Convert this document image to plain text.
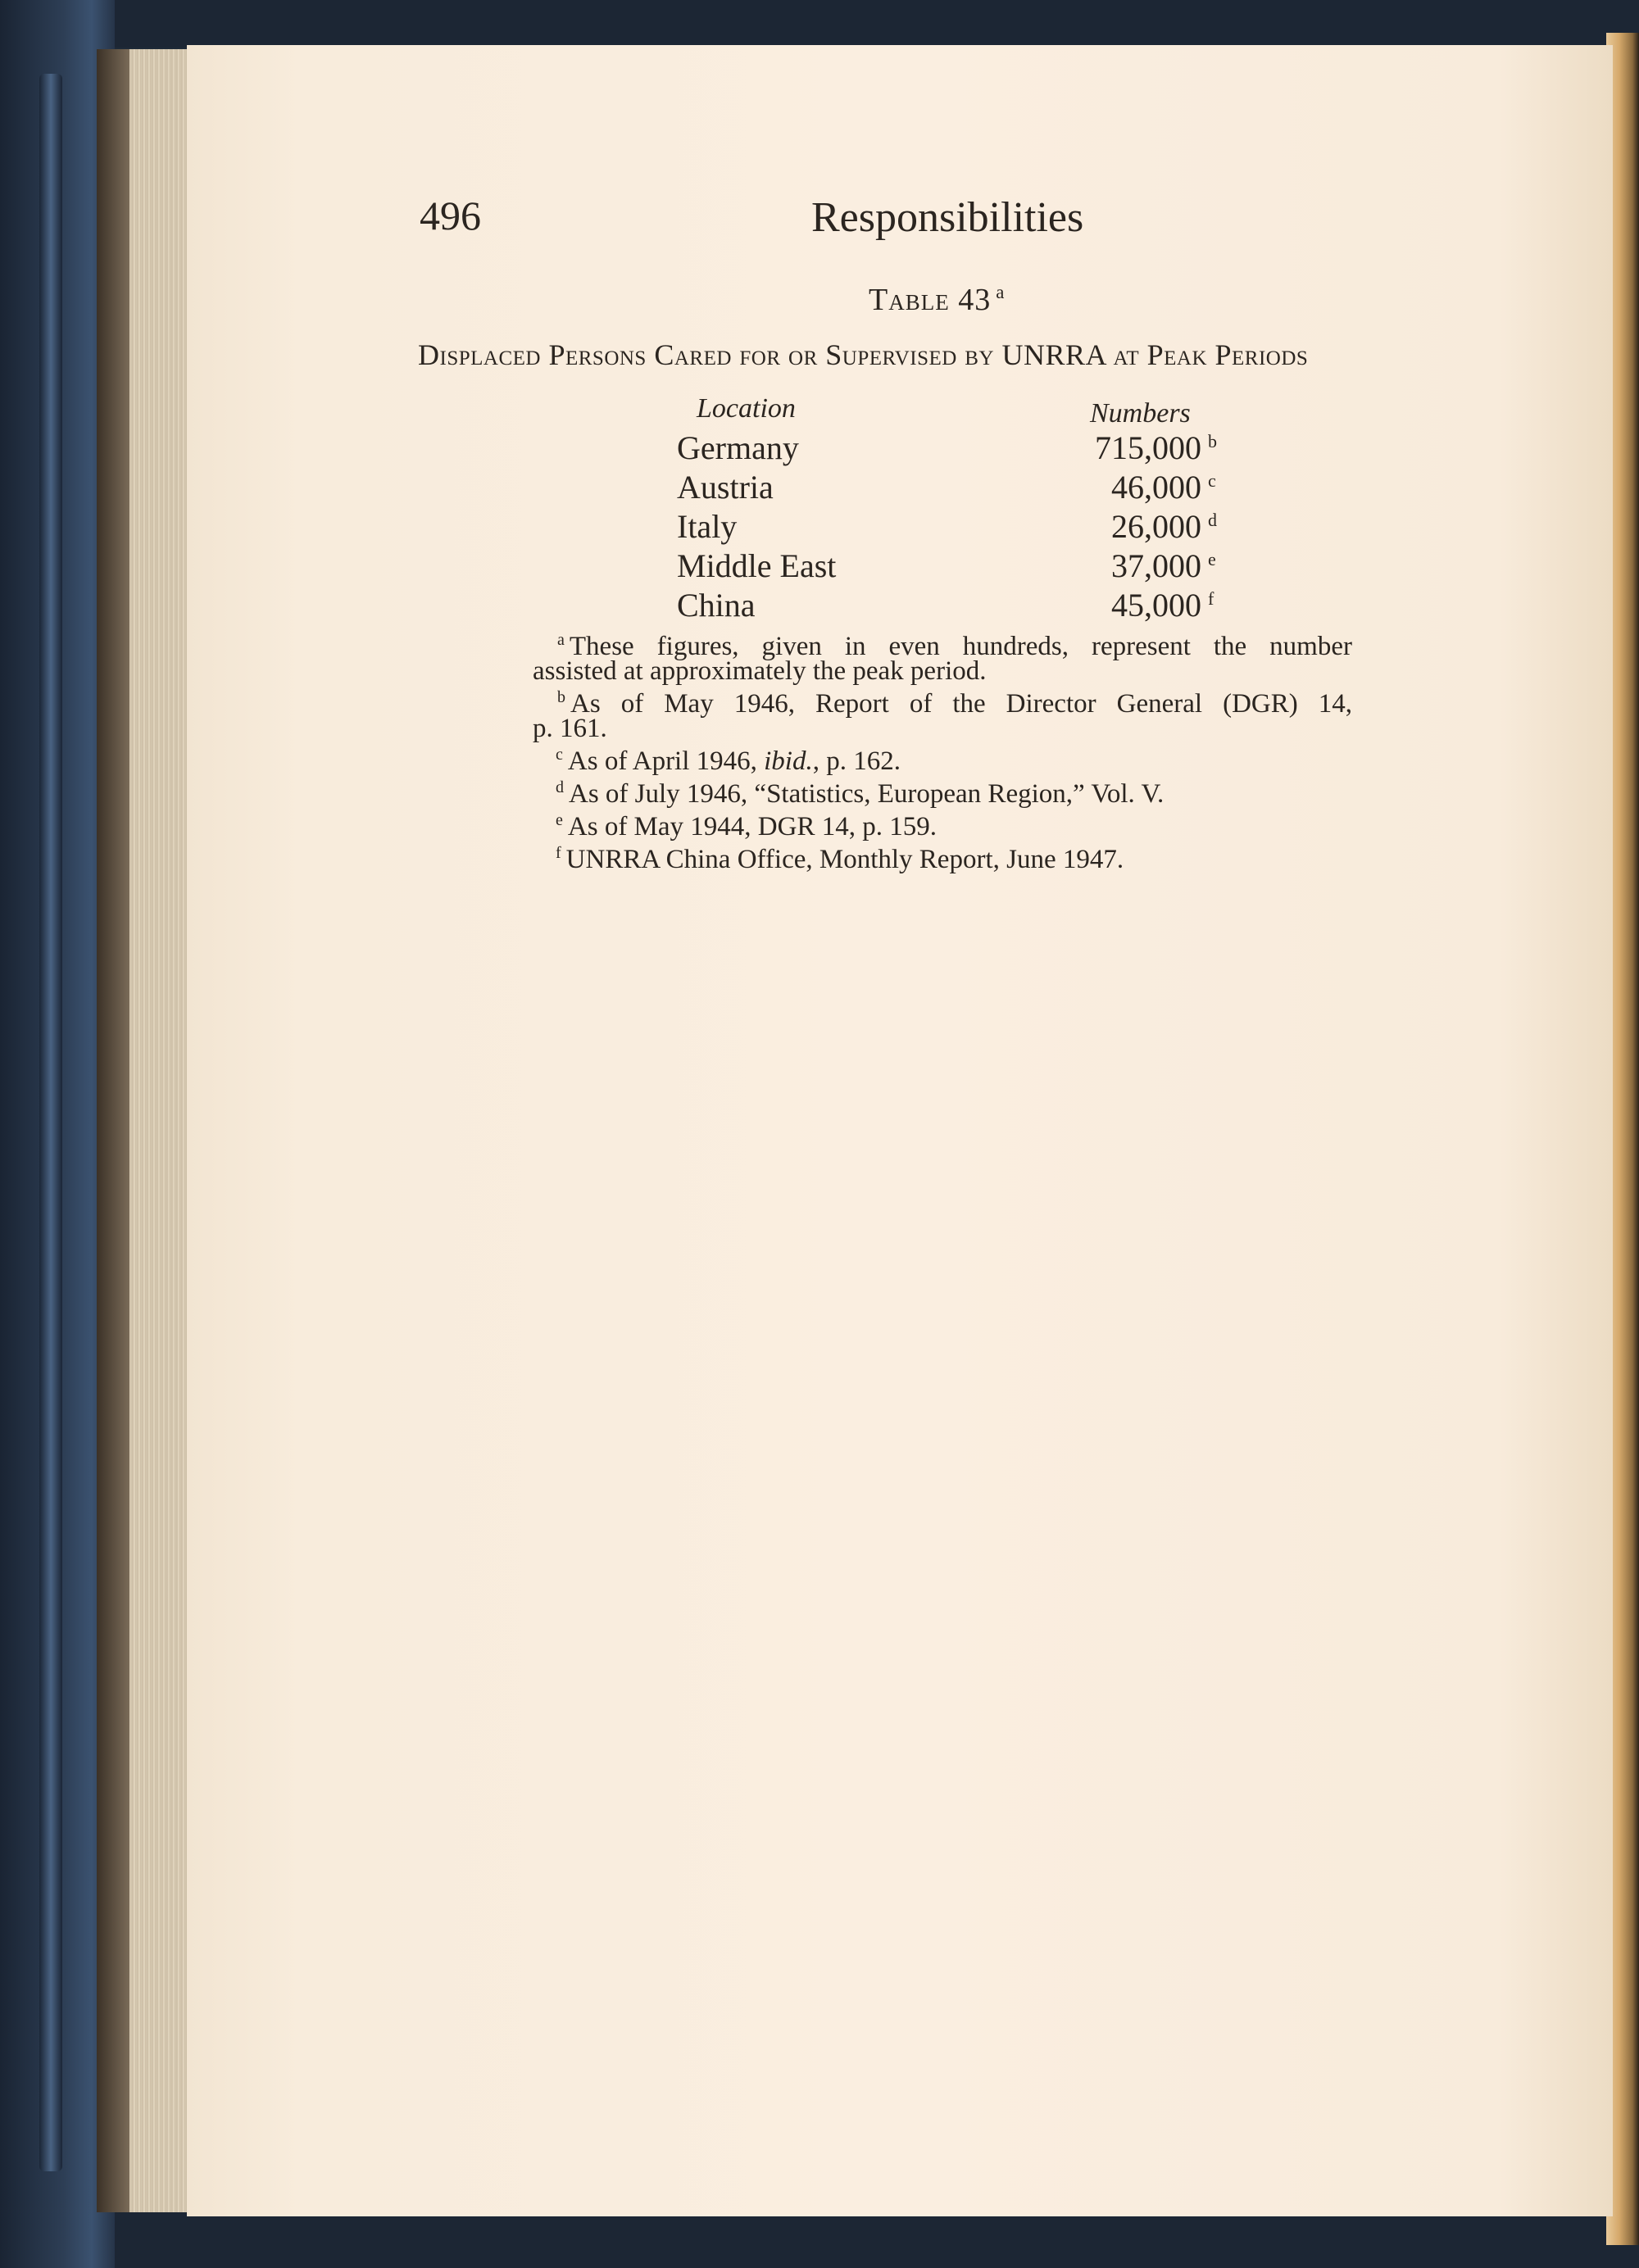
496	Responsibilities
Table 43 $^a$
Displaced Persons Cared for or Supervised by UNRRA at Peak Periods
Location	Numbers
Germany	715,000	b
Austria	46,000	c
Italy	26,000	d
Middle East	37,000	e
China	45,000	f
$^a$ These figures, given in even hundreds, represent the number
assisted at approximately the peak period.
$^b$ As of May 1946, Report of the Director General (DGR) 14,
p. 161.
$^c$ As of April 1946, ibid., p. 162.
$^d$ As of July 1946, “Statistics, European Region,” Vol. V.
$^e$ As of May 1944, DGR 14, p. 159.
$^f$ UNRRA China Office, Monthly Report, June 1947.
